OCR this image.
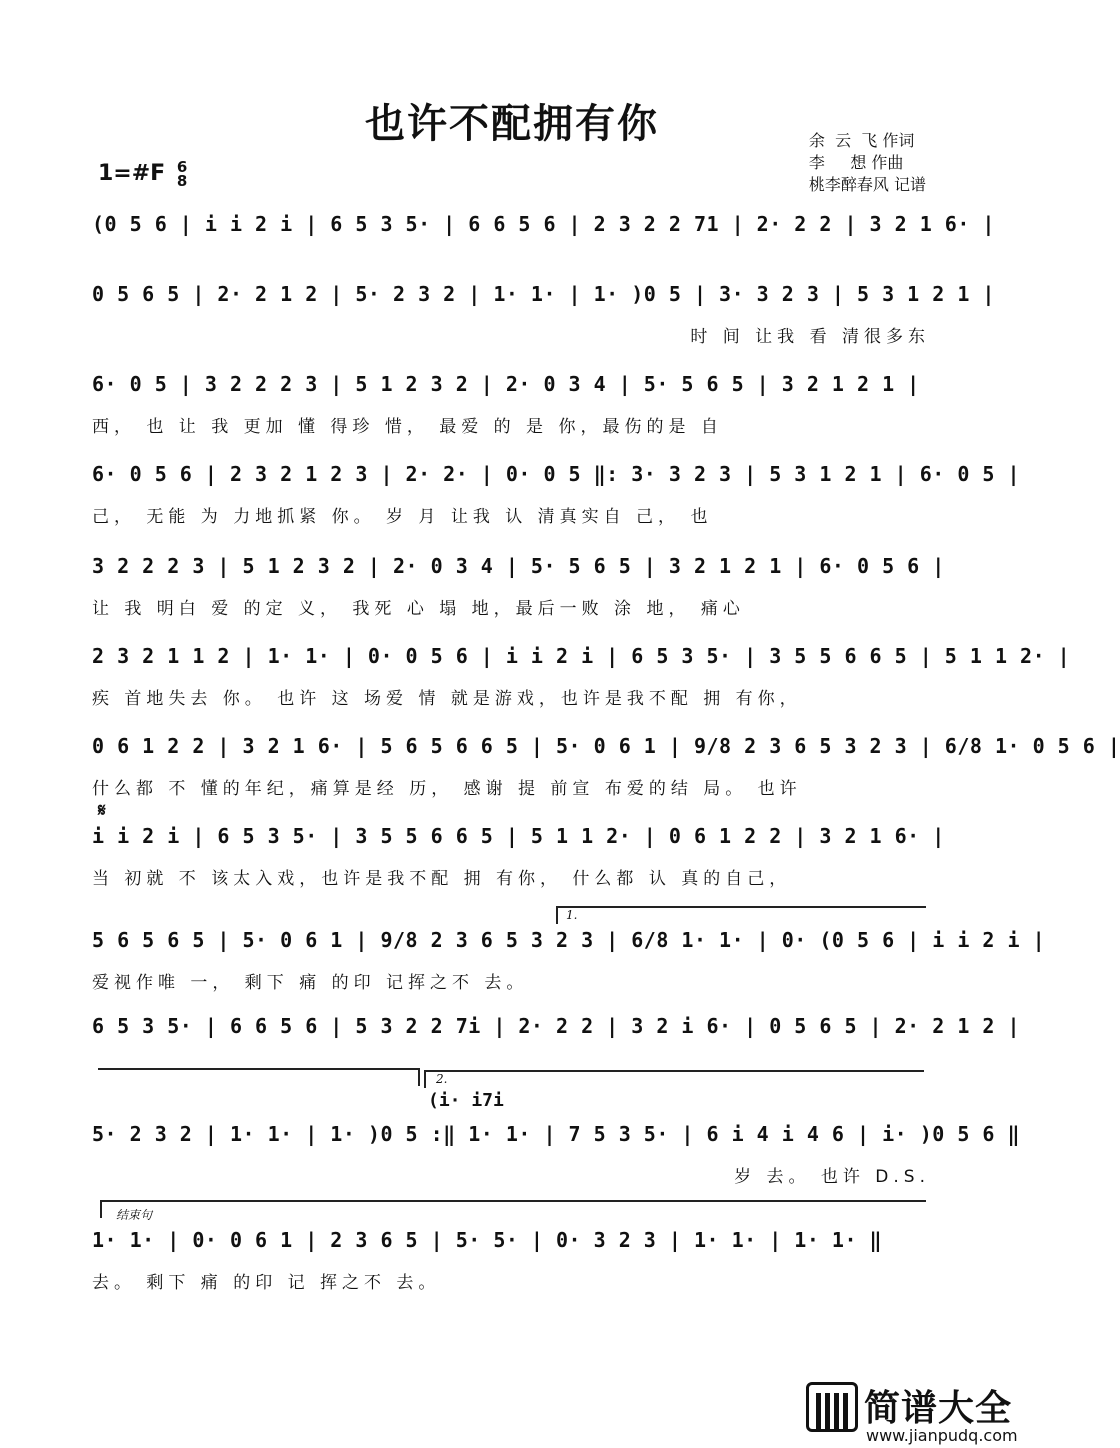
也许不配拥有你	余  云  飞 作词
李     想 作曲
桃李醉春风 记谱
1=#F 6
8
(0 5 6 | i i 2 i | 6 5 3 5· | 6 6 5 6 | 2 3 2 2 71 | 2· 2 2 | 3 2 1 6· |
0 5 6 5 | 2· 2 1 2 | 5· 2 3 2 | 1· 1· | 1· )0 5 | 3· 3 2 3 | 5 3 1 2 1 |
时 间 让我 看 清很多东
6· 0 5 | 3 2 2 2 3 | 5 1 2 3 2 | 2· 0 3 4 | 5· 5 6 5 | 3 2 1 2 1 |
西， 也 让 我 更加 懂 得珍 惜， 最爱 的 是 你，最伤的是 自
6· 0 5 6 | 2 3 2 1 2 3 | 2· 2· | 0· 0 5 ‖: 3· 3 2 3 | 5 3 1 2 1 | 6· 0 5 |
己， 无能 为 力地抓紧 你。 岁 月 让我 认 清真实自 己， 也
3 2 2 2 3 | 5 1 2 3 2 | 2· 0 3 4 | 5· 5 6 5 | 3 2 1 2 1 | 6· 0 5 6 |
让 我 明白 爱 的定 义， 我死 心 塌 地，最后一败 涂 地， 痛心
2 3 2 1 1 2 | 1· 1· | 0· 0 5 6 | i i 2 i | 6 5 3 5· | 3 5 5 6 6 5 | 5 1 1 2· |
疾 首地失去 你。 也许 这 场爱 情 就是游戏，也许是我不配 拥 有你，
0 6 1 2 2 | 3 2 1 6· | 5 6 5 6 6 5 | 5· 0 6 1 | 9/8 2 3 6 5 3 2 3 | 6/8 1· 0 5 6 |
什么都 不 懂的年纪，痛算是经 历， 感谢 提 前宣 布爱的结 局。 也许
𝄋
i i 2 i | 6 5 3 5· | 3 5 5 6 6 5 | 5 1 1 2· | 0 6 1 2 2 | 3 2 1 6· |
当 初就 不 该太入戏，也许是我不配 拥 有你， 什么都 认 真的自己，
1.
5 6 5 6 5 | 5· 0 6 1 | 9/8 2 3 6 5 3 2 3 | 6/8 1· 1· | 0· (0 5 6 | i i 2 i |
爱视作唯 一， 剩下 痛 的印 记挥之不 去。
6 5 3 5· | 6 6 5 6 | 5 3 2 2 7i | 2· 2 2 | 3 2 i 6· | 0 5 6 5 | 2· 2 1 2 |
2.
(i· i7i
5· 2 3 2 | 1· 1· | 1· )0 5 :‖ 1· 1· | 7 5 3 5· | 6 i 4 i 4 6 | i· )0 5 6 ‖
岁 去。 也许 D.S.
结束句
1· 1· | 0· 0 6 1 | 2 3 6 5 | 5· 5· | 0· 3 2 3 | 1· 1· | 1· 1· ‖
去。 剩下 痛 的印 记 挥之不 去。
简谱大全
www.jianpudq.com
